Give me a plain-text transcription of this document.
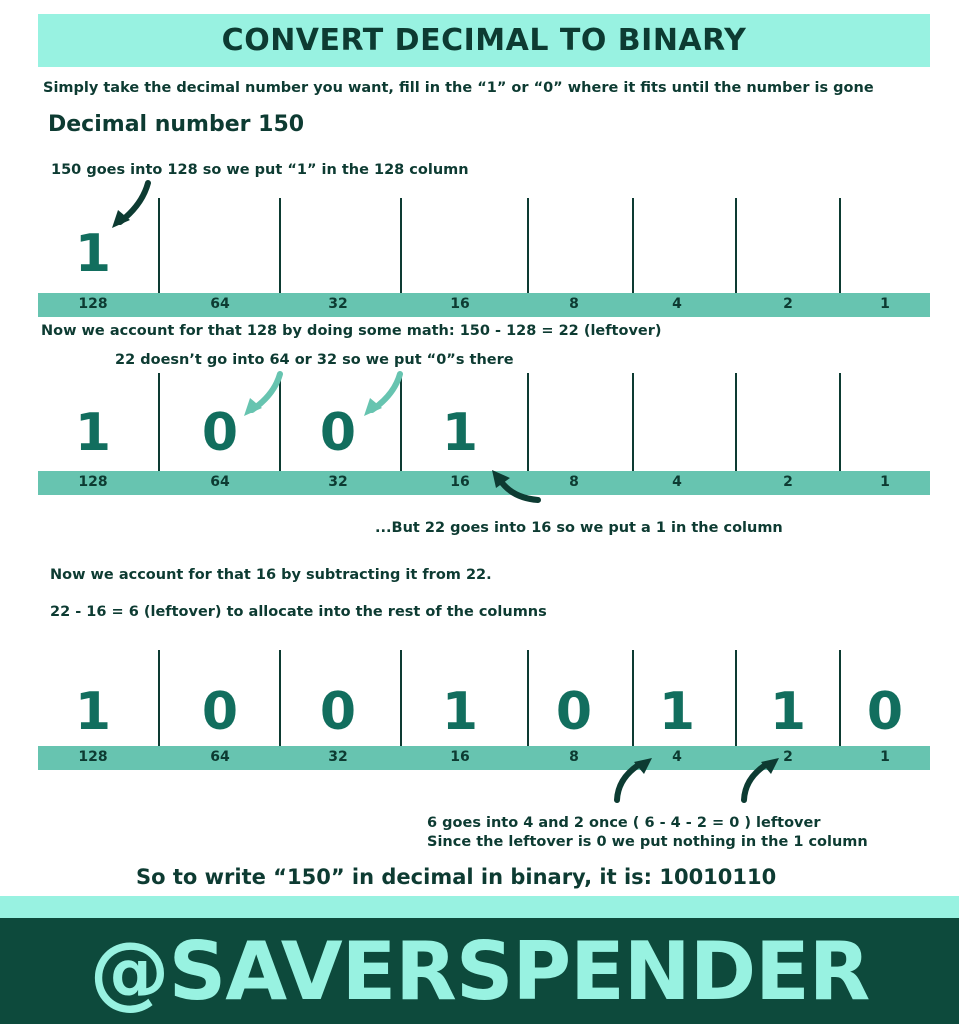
CONVERT DECIMAL TO BINARY
Simply take the decimal number you want, fill in the “1” or “0” where it fits until the number is gone
Decimal number 150
150 goes into 128 so we put “1” in the 128 column
128	64	32	16	8	4	2	1
1
Now we account for that 128 by doing some math: 150 - 128 = 22 (leftover)
22 doesn’t go into 64 or 32 so we put “0”s there
128	64	32	16	8	4	2	1
1 0 0 1
...But 22 goes into 16 so we put a 1 in the column
Now we account for that 16 by subtracting it from 22.
22 - 16 = 6 (leftover) to allocate into the rest of the columns
128	64	32	16	8	4	2	1
1 0 0 1 0 1 1 0
6 goes into 4 and 2 once ( 6 - 4 - 2 = 0 ) leftover
Since the leftover is 0 we put nothing in the 1 column
So to write “150” in decimal in binary, it is: 10010110
@SAVERSPENDER
